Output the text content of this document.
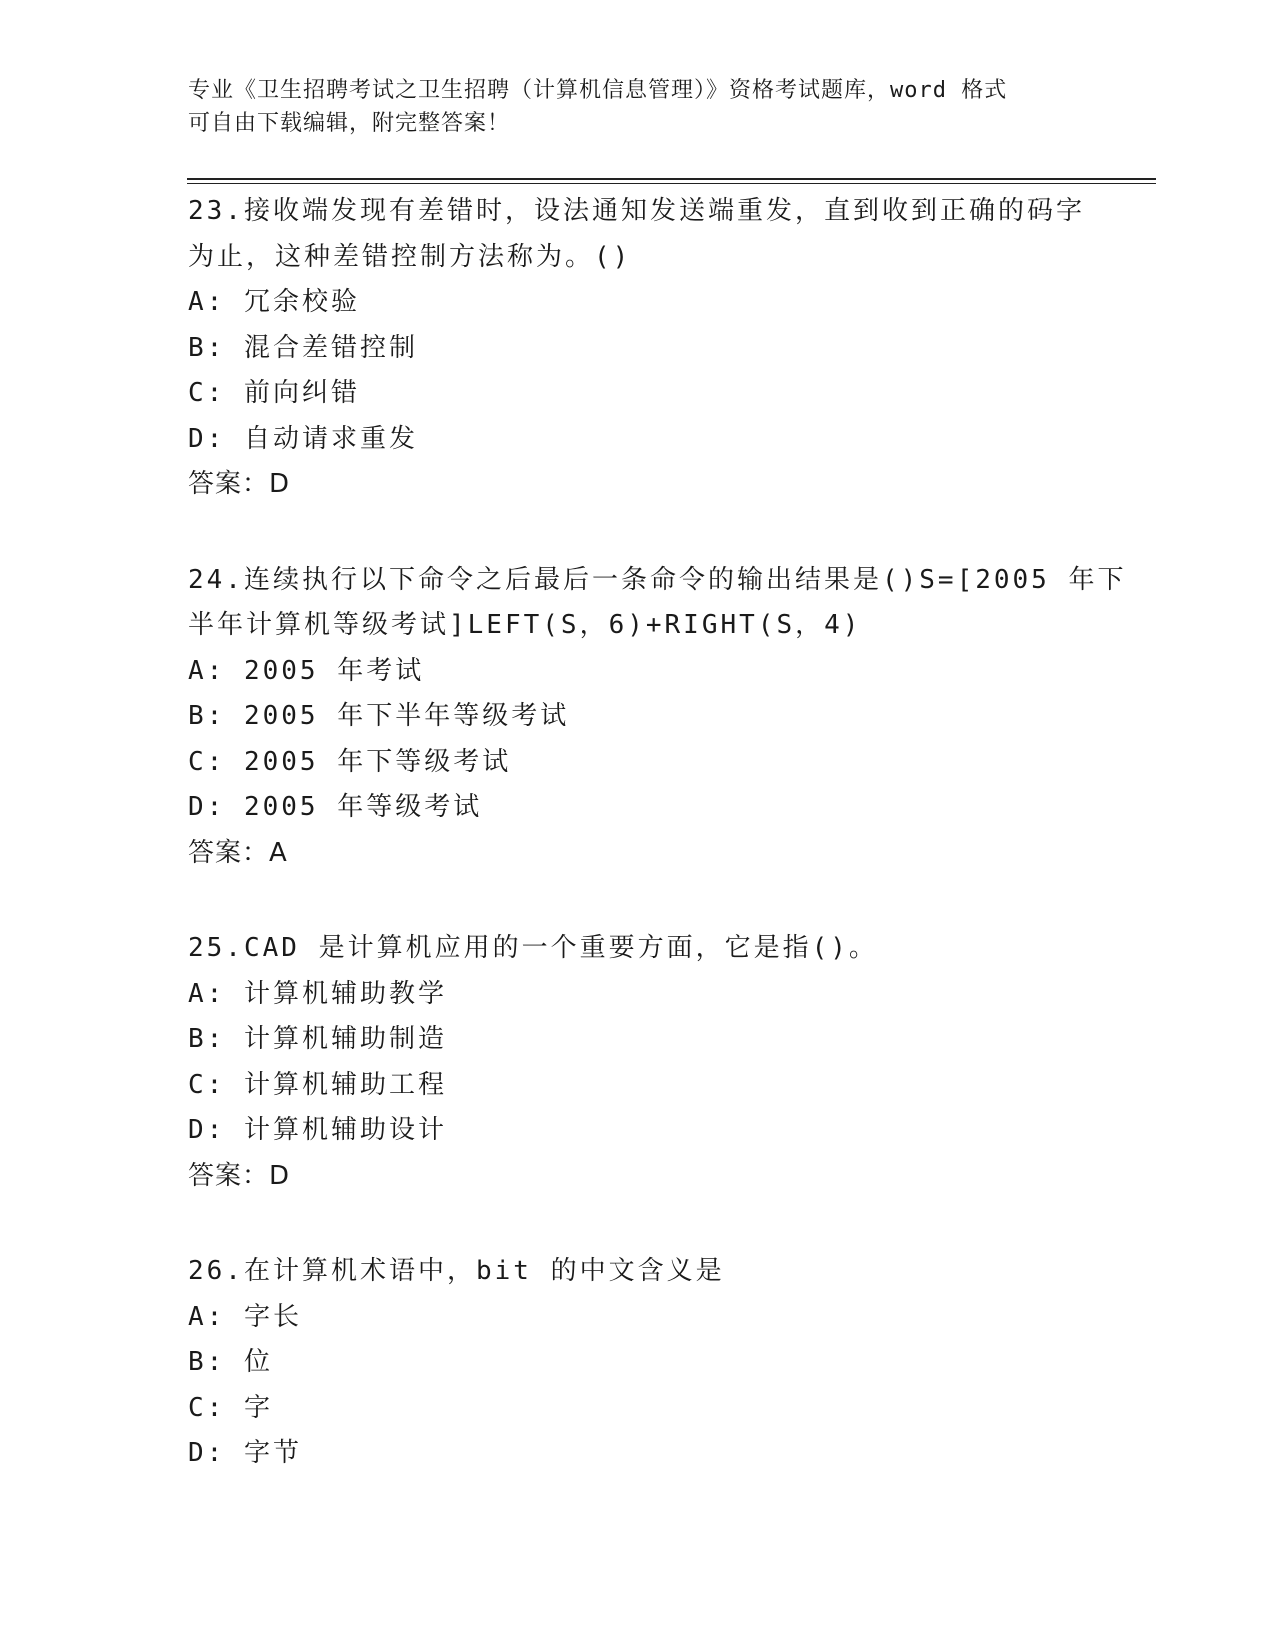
专业《卫生招聘考试之卫生招聘（计算机信息管理）》资格考试题库，word 格式
可自由下载编辑，附完整答案！
23.接收端发现有差错时，设法通知发送端重发，直到收到正确的码字
为止，这种差错控制方法称为。()
A: 冗余校验
B: 混合差错控制
C: 前向纠错
D: 自动请求重发
答案：D
24.连续执行以下命令之后最后一条命令的输出结果是()S=[2005 年下
半年计算机等级考试]LEFT(S，6)+RIGHT(S，4)
A: 2005 年考试
B: 2005 年下半年等级考试
C: 2005 年下等级考试
D: 2005 年等级考试
答案：A
25.CAD 是计算机应用的一个重要方面，它是指()。
A: 计算机辅助教学
B: 计算机辅助制造
C: 计算机辅助工程
D: 计算机辅助设计
答案：D
26.在计算机术语中，bit 的中文含义是
A: 字长
B: 位
C: 字
D: 字节
